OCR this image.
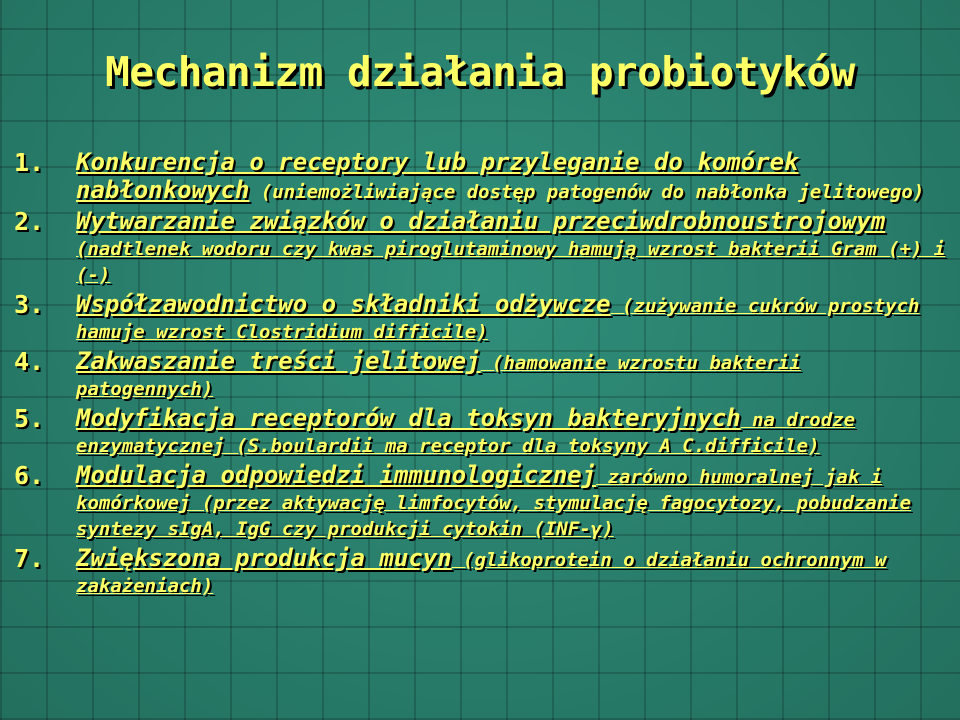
Mechanizm działania probiotyków
1. Konkurencja o receptory lub przyleganie do komórek nabłonkowych (uniemożliwiające dostęp patogenów do nabłonka jelitowego)
2. Wytwarzanie związków o działaniu przeciwdrobnoustrojowym (nadtlenek wodoru czy kwas piroglutaminowy hamują wzrost bakterii Gram (+) i (-)
3. Współzawodnictwo o składniki odżywcze (zużywanie cukrów prostych hamuje wzrost Clostridium difficile)
4. Zakwaszanie treści jelitowej (hamowanie wzrostu bakterii patogennych)
5. Modyfikacja receptorów dla toksyn bakteryjnych na drodze enzymatycznej (S.boulardii ma receptor dla toksyny A C.difficile)
6. Modulacja odpowiedzi immunologicznej zarówno humoralnej jak i komórkowej (przez aktywację limfocytów, stymulację fagocytozy, pobudzanie syntezy sIgA, IgG czy produkcji cytokin (INF-γ)
7. Zwiększona produkcja mucyn (glikoprotein o działaniu ochronnym w zakażeniach)
